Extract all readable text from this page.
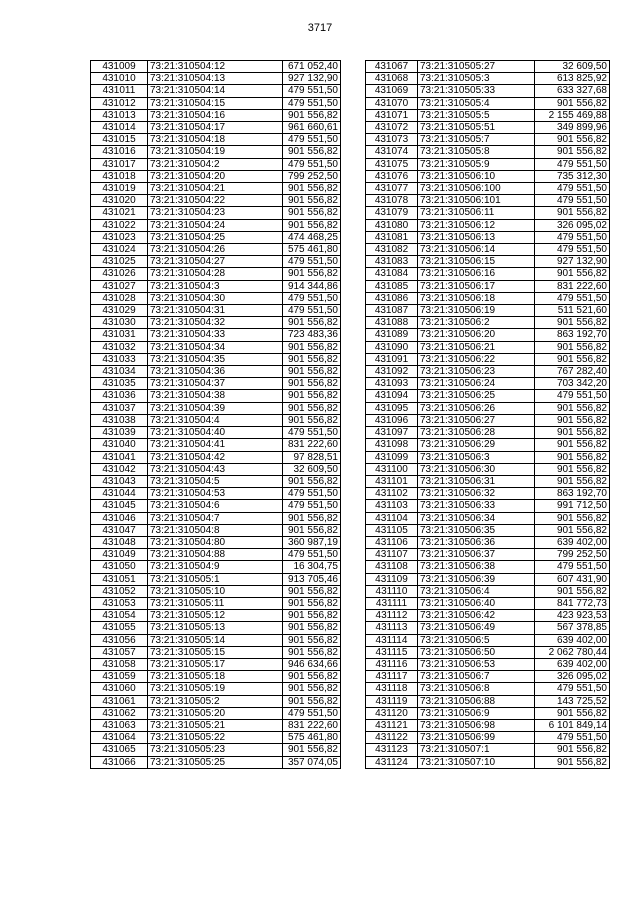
3717
431009	73:21:310504:12	671 052,40
431010	73:21:310504:13	927 132,90
431011	73:21:310504:14	479 551,50
431012	73:21:310504:15	479 551,50
431013	73:21:310504:16	901 556,82
431014	73:21:310504:17	961 660,61
431015	73:21:310504:18	479 551,50
431016	73:21:310504:19	901 556,82
431017	73:21:310504:2	479 551,50
431018	73:21:310504:20	799 252,50
431019	73:21:310504:21	901 556,82
431020	73:21:310504:22	901 556,82
431021	73:21:310504:23	901 556,82
431022	73:21:310504:24	901 556,82
431023	73:21:310504:25	474 468,25
431024	73:21:310504:26	575 461,80
431025	73:21:310504:27	479 551,50
431026	73:21:310504:28	901 556,82
431027	73:21:310504:3	914 344,86
431028	73:21:310504:30	479 551,50
431029	73:21:310504:31	479 551,50
431030	73:21:310504:32	901 556,82
431031	73:21:310504:33	723 483,36
431032	73:21:310504:34	901 556,82
431033	73:21:310504:35	901 556,82
431034	73:21:310504:36	901 556,82
431035	73:21:310504:37	901 556,82
431036	73:21:310504:38	901 556,82
431037	73:21:310504:39	901 556,82
431038	73:21:310504:4	901 556,82
431039	73:21:310504:40	479 551,50
431040	73:21:310504:41	831 222,60
431041	73:21:310504:42	97 828,51
431042	73:21:310504:43	32 609,50
431043	73:21:310504:5	901 556,82
431044	73:21:310504:53	479 551,50
431045	73:21:310504:6	479 551,50
431046	73:21:310504:7	901 556,82
431047	73:21:310504:8	901 556,82
431048	73:21:310504:80	360 987,19
431049	73:21:310504:88	479 551,50
431050	73:21:310504:9	16 304,75
431051	73:21:310505:1	913 705,46
431052	73:21:310505:10	901 556,82
431053	73:21:310505:11	901 556,82
431054	73:21:310505:12	901 556,82
431055	73:21:310505:13	901 556,82
431056	73:21:310505:14	901 556,82
431057	73:21:310505:15	901 556,82
431058	73:21:310505:17	946 634,66
431059	73:21:310505:18	901 556,82
431060	73:21:310505:19	901 556,82
431061	73:21:310505:2	901 556,82
431062	73:21:310505:20	479 551,50
431063	73:21:310505:21	831 222,60
431064	73:21:310505:22	575 461,80
431065	73:21:310505:23	901 556,82
431066	73:21:310505:25	357 074,05
431067	73:21:310505:27	32 609,50
431068	73:21:310505:3	613 825,92
431069	73:21:310505:33	633 327,68
431070	73:21:310505:4	901 556,82
431071	73:21:310505:5	2 155 469,88
431072	73:21:310505:51	349 899,96
431073	73:21:310505:7	901 556,82
431074	73:21:310505:8	901 556,82
431075	73:21:310505:9	479 551,50
431076	73:21:310506:10	735 312,30
431077	73:21:310506:100	479 551,50
431078	73:21:310506:101	479 551,50
431079	73:21:310506:11	901 556,82
431080	73:21:310506:12	326 095,02
431081	73:21:310506:13	479 551,50
431082	73:21:310506:14	479 551,50
431083	73:21:310506:15	927 132,90
431084	73:21:310506:16	901 556,82
431085	73:21:310506:17	831 222,60
431086	73:21:310506:18	479 551,50
431087	73:21:310506:19	511 521,60
431088	73:21:310506:2	901 556,82
431089	73:21:310506:20	863 192,70
431090	73:21:310506:21	901 556,82
431091	73:21:310506:22	901 556,82
431092	73:21:310506:23	767 282,40
431093	73:21:310506:24	703 342,20
431094	73:21:310506:25	479 551,50
431095	73:21:310506:26	901 556,82
431096	73:21:310506:27	901 556,82
431097	73:21:310506:28	901 556,82
431098	73:21:310506:29	901 556,82
431099	73:21:310506:3	901 556,82
431100	73:21:310506:30	901 556,82
431101	73:21:310506:31	901 556,82
431102	73:21:310506:32	863 192,70
431103	73:21:310506:33	991 712,50
431104	73:21:310506:34	901 556,82
431105	73:21:310506:35	901 556,82
431106	73:21:310506:36	639 402,00
431107	73:21:310506:37	799 252,50
431108	73:21:310506:38	479 551,50
431109	73:21:310506:39	607 431,90
431110	73:21:310506:4	901 556,82
431111	73:21:310506:40	841 772,73
431112	73:21:310506:42	423 923,53
431113	73:21:310506:49	567 378,85
431114	73:21:310506:5	639 402,00
431115	73:21:310506:50	2 062 780,44
431116	73:21:310506:53	639 402,00
431117	73:21:310506:7	326 095,02
431118	73:21:310506:8	479 551,50
431119	73:21:310506:88	143 725,52
431120	73:21:310506:9	901 556,82
431121	73:21:310506:98	6 101 849,14
431122	73:21:310506:99	479 551,50
431123	73:21:310507:1	901 556,82
431124	73:21:310507:10	901 556,82
